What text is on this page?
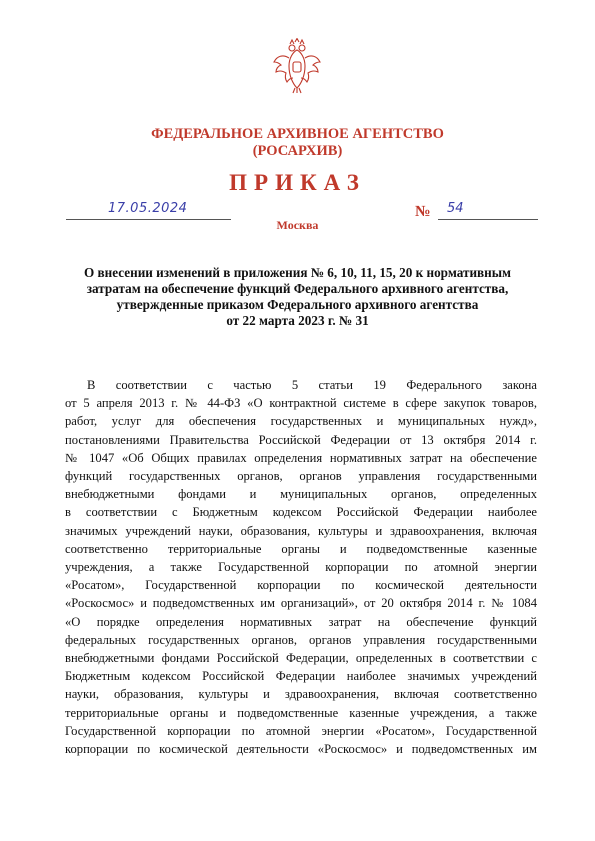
ФЕДЕРАЛЬНОЕ АРХИВНОЕ АГЕНТСТВО
(РОСАРХИВ)
ПРИКАЗ
17.05.2024
Москва
№ 54
О внесении изменений в приложения № 6, 10, 11, 15, 20 к нормативным
затратам на обеспечение функций Федерального архивного агентства,
утвержденные приказом Федерального архивного агентства
от 22 марта 2023 г. № 31
В соответствии с частью 5 статьи 19 Федерального закона
от 5 апреля 2013 г. № 44-ФЗ «О контрактной системе в сфере закупок товаров,
работ, услуг для обеспечения государственных и муниципальных нужд»,
постановлениями Правительства Российской Федерации от 13 октября 2014 г.
№ 1047 «Об Общих правилах определения нормативных затрат на обеспечение
функций государственных органов, органов управления государственными
внебюджетными фондами и муниципальных органов, определенных
в соответствии с Бюджетным кодексом Российской Федерации наиболее
значимых учреждений науки, образования, культуры и здравоохранения, включая
соответственно территориальные органы и подведомственные казенные
учреждения, а также Государственной корпорации по атомной энергии
«Росатом», Государственной корпорации по космической деятельности
«Роскосмос» и подведомственных им организаций», от 20 октября 2014 г. № 1084
«О порядке определения нормативных затрат на обеспечение функций
федеральных государственных органов, органов управления государственными
внебюджетными фондами Российской Федерации, определенных в соответствии с
Бюджетным кодексом Российской Федерации наиболее значимых учреждений
науки, образования, культуры и здравоохранения, включая соответственно
территориальные органы и подведомственные казенные учреждения, а также
Государственной корпорации по атомной энергии «Росатом», Государственной
корпорации по космической деятельности «Роскосмос» и подведомственных им
